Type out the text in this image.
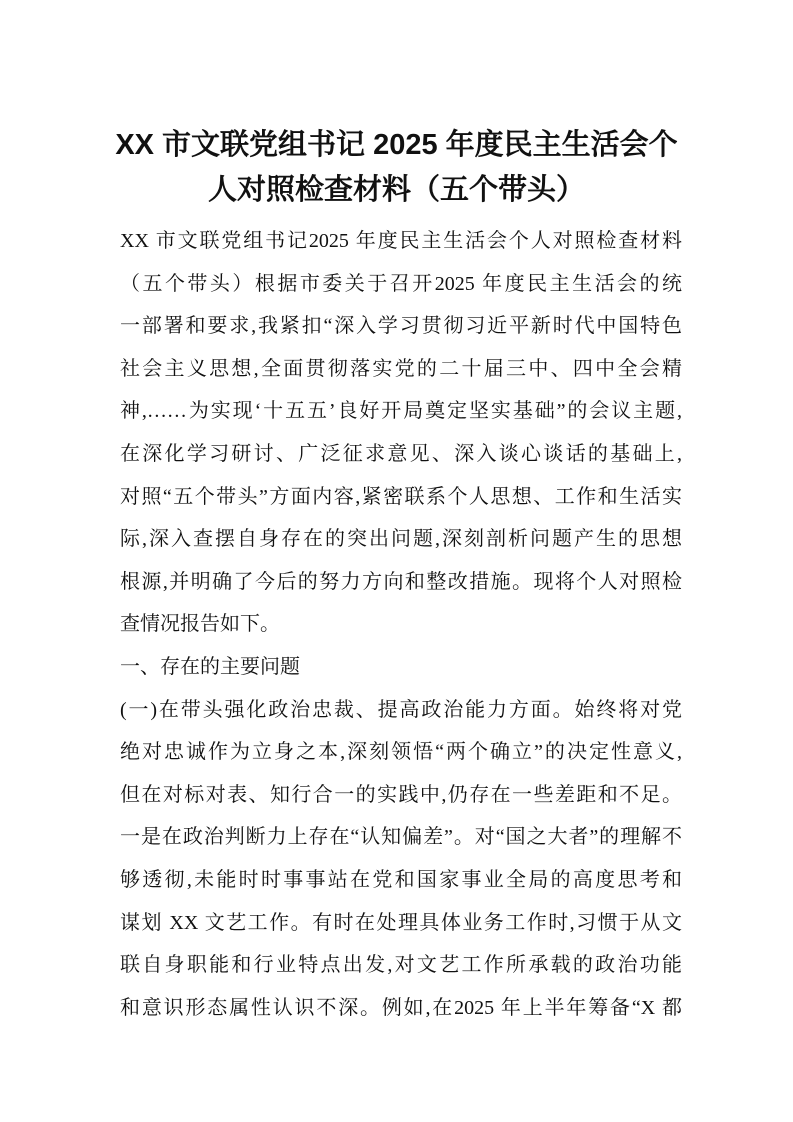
XX 市文联党组书记 2025 年度民主生活会个
人对照检查材料（五个带头）
XX 市文联党组书记2025 年度民主生活会个人对照检查材料
（五个带头）根据市委关于召开2025 年度民主生活会的统
一部署和要求,我紧扣“深入学习贯彻习近平新时代中国特色
社会主义思想,全面贯彻落实党的二十届三中、四中全会精
神,……为实现‘十五五’良好开局奠定坚实基础”的会议主题,
在深化学习研讨、广泛征求意见、深入谈心谈话的基础上,
对照“五个带头”方面内容,紧密联系个人思想、工作和生活实
际,深入查摆自身存在的突出问题,深刻剖析问题产生的思想
根源,并明确了今后的努力方向和整改措施。现将个人对照检
查情况报告如下。
一、存在的主要问题
(一)在带头强化政治忠裁、提高政治能力方面。始终将对党
绝对忠诚作为立身之本,深刻领悟“两个确立”的决定性意义,
但在对标对表、知行合一的实践中,仍存在一些差距和不足。
一是在政治判断力上存在“认知偏差”。对“国之大者”的理解不
够透彻,未能时时事事站在党和国家事业全局的高度思考和
谋划 XX 文艺工作。有时在处理具体业务工作时,习惯于从文
联自身职能和行业特点出发,对文艺工作所承载的政治功能
和意识形态属性认识不深。例如,在2025 年上半年筹备“X 都
